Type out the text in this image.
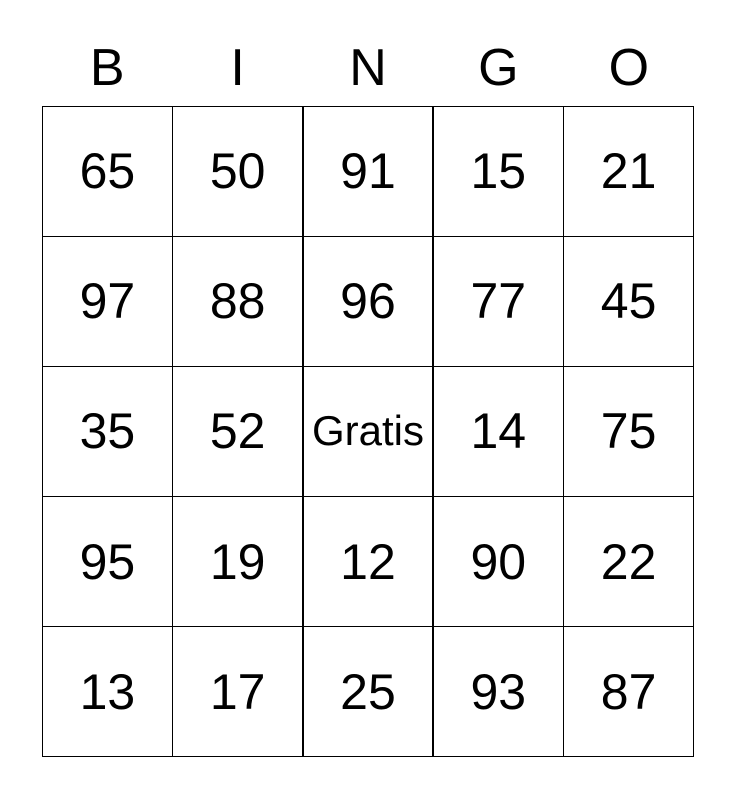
B I N G O
65	50	91	15	21
97	88	96	77	45
35	52	Gratis 14	75
95	19	12	90	22
13	17	25	93	87
